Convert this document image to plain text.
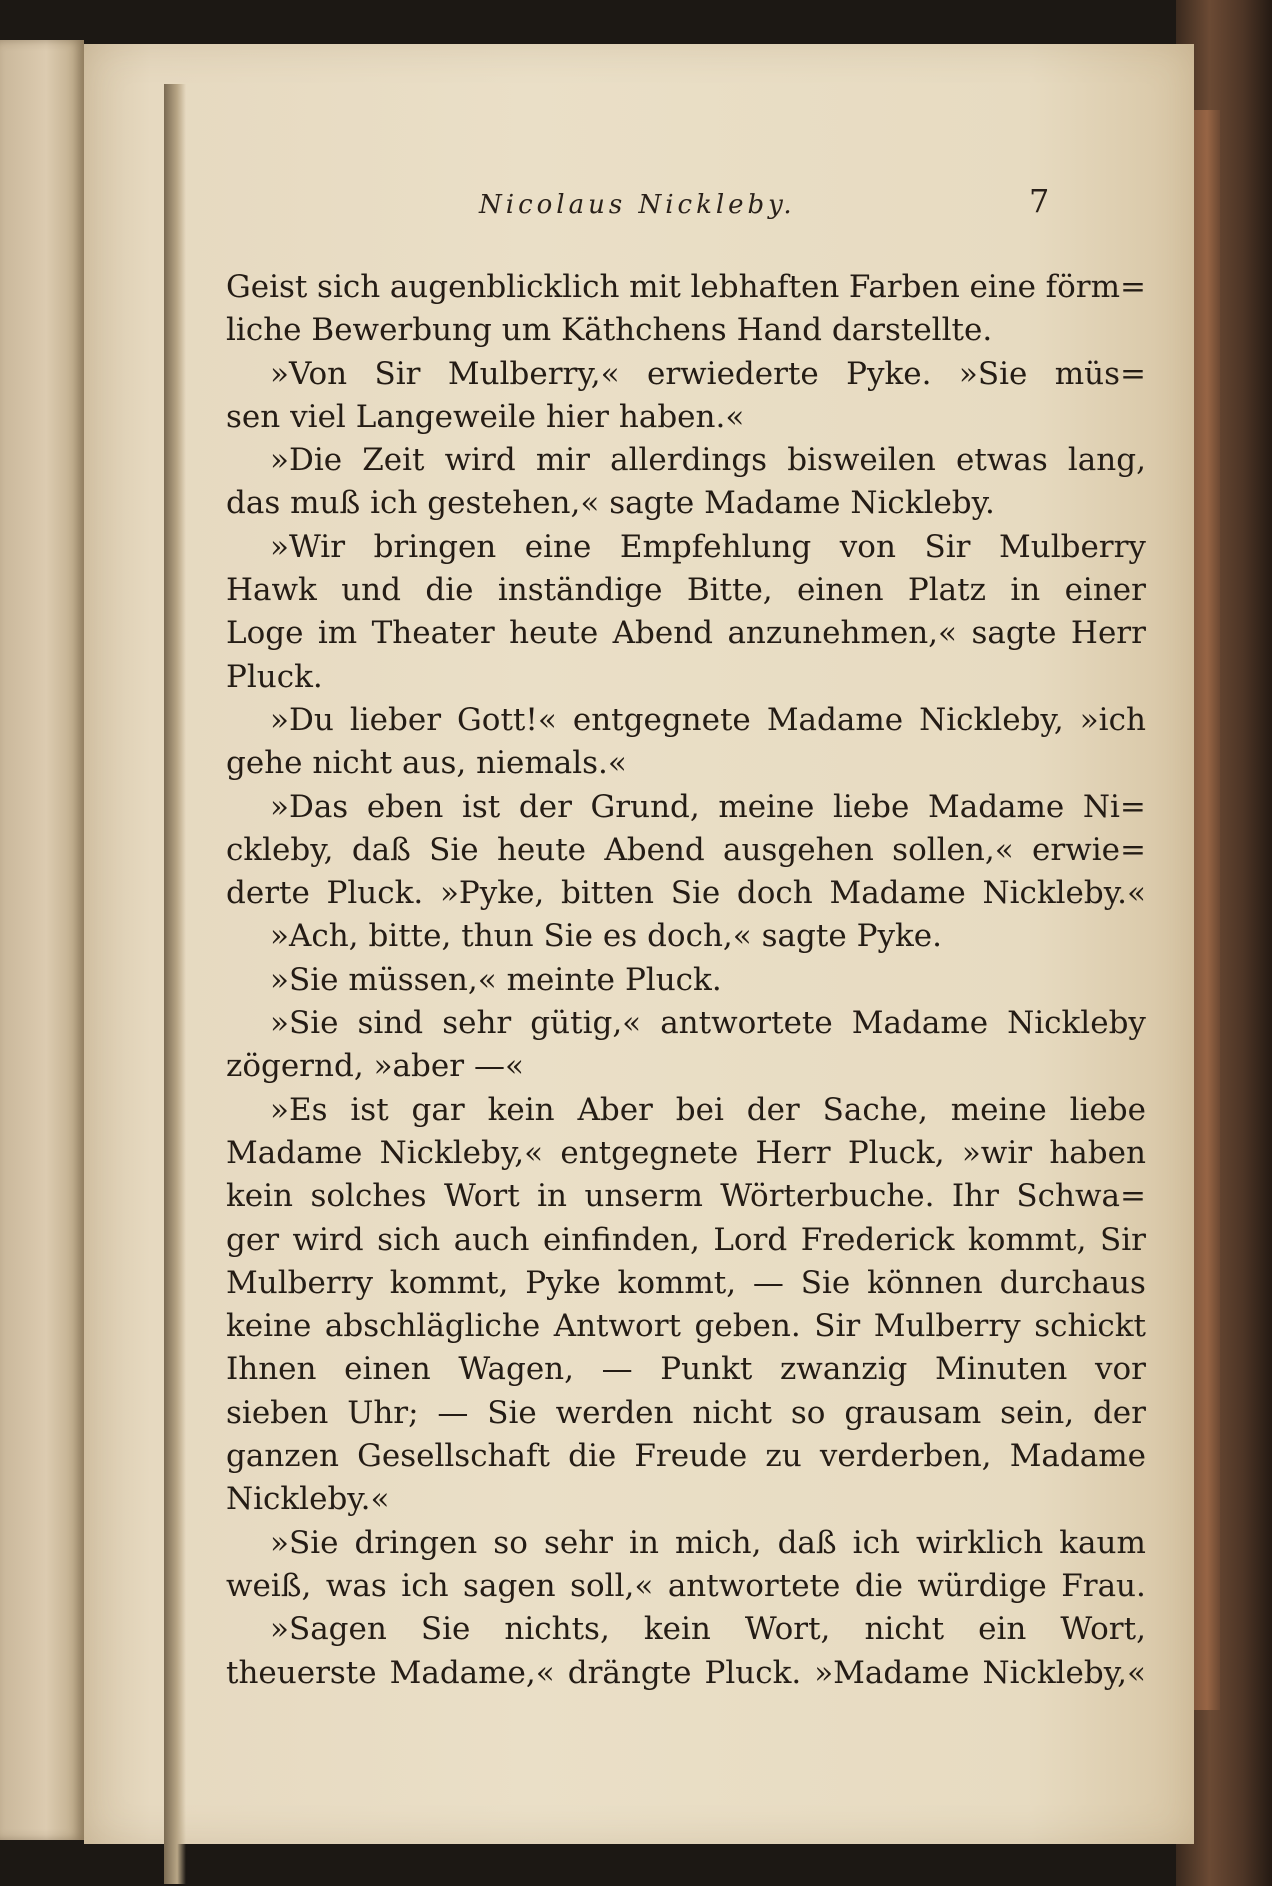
Nicolaus Nickleby.	7
Geist sich augenblicklich mit lebhaften Farben eine förm=
liche Bewerbung um Käthchens Hand darstellte.
»Von Sir Mulberry,« erwiederte Pyke. »Sie müs=
sen viel Langeweile hier haben.«
»Die Zeit wird mir allerdings bisweilen etwas lang,
das muß ich gestehen,« sagte Madame Nickleby.
»Wir bringen eine Empfehlung von Sir Mulberry
Hawk und die inständige Bitte, einen Platz in einer
Loge im Theater heute Abend anzunehmen,« sagte Herr
Pluck.
»Du lieber Gott!« entgegnete Madame Nickleby, »ich
gehe nicht aus, niemals.«
»Das eben ist der Grund, meine liebe Madame Ni=
ckleby, daß Sie heute Abend ausgehen sollen,« erwie=
derte Pluck. »Pyke, bitten Sie doch Madame Nickleby.«
»Ach, bitte, thun Sie es doch,« sagte Pyke.
»Sie müssen,« meinte Pluck.
»Sie sind sehr gütig,« antwortete Madame Nickleby
zögernd, »aber —«
»Es ist gar kein Aber bei der Sache, meine liebe
Madame Nickleby,« entgegnete Herr Pluck, »wir haben
kein solches Wort in unserm Wörterbuche. Ihr Schwa=
ger wird sich auch einfinden, Lord Frederick kommt, Sir
Mulberry kommt, Pyke kommt, — Sie können durchaus
keine abschlägliche Antwort geben. Sir Mulberry schickt
Ihnen einen Wagen, — Punkt zwanzig Minuten vor
sieben Uhr; — Sie werden nicht so grausam sein, der
ganzen Gesellschaft die Freude zu verderben, Madame
Nickleby.«
»Sie dringen so sehr in mich, daß ich wirklich kaum
weiß, was ich sagen soll,« antwortete die würdige Frau.
»Sagen Sie nichts, kein Wort, nicht ein Wort,
theuerste Madame,« drängte Pluck. »Madame Nickleby,«
